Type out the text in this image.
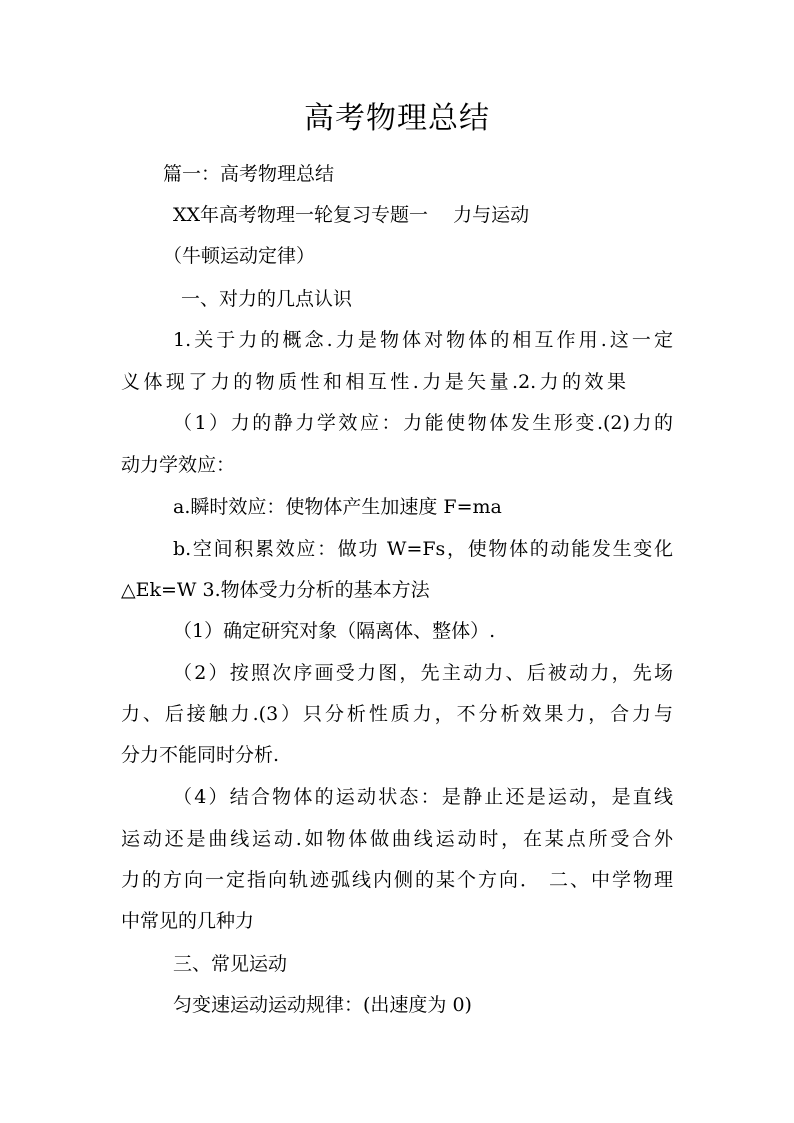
高考物理总结
篇一：高考物理总结
XX年高考物理一轮复习专题一　 力与运动
（牛顿运动定律）
一、对力的几点认识
1.关于力的概念.力是物体对物体的相互作用.这一定
义体现了力的物质性和相互性.力是矢量.2.力的效果
（1）力的静力学效应：力能使物体发生形变.(2)力的
动力学效应：
a.瞬时效应：使物体产生加速度 F=ma
b.空间积累效应：做功 W=Fs，使物体的动能发生变化
△Ek=W 3.物体受力分析的基本方法
（1）确定研究对象（隔离体、整体）.
（2）按照次序画受力图，先主动力、后被动力，先场
力、后接触力.(3）只分析性质力，不分析效果力，合力与
分力不能同时分析.
（4）结合物体的运动状态：是静止还是运动，是直线
运动还是曲线运动.如物体做曲线运动时，在某点所受合外
力的方向一定指向轨迹弧线内侧的某个方向． 二、中学物理
中常见的几种力
三、常见运动
匀变速运动运动规律：(出速度为 0)
